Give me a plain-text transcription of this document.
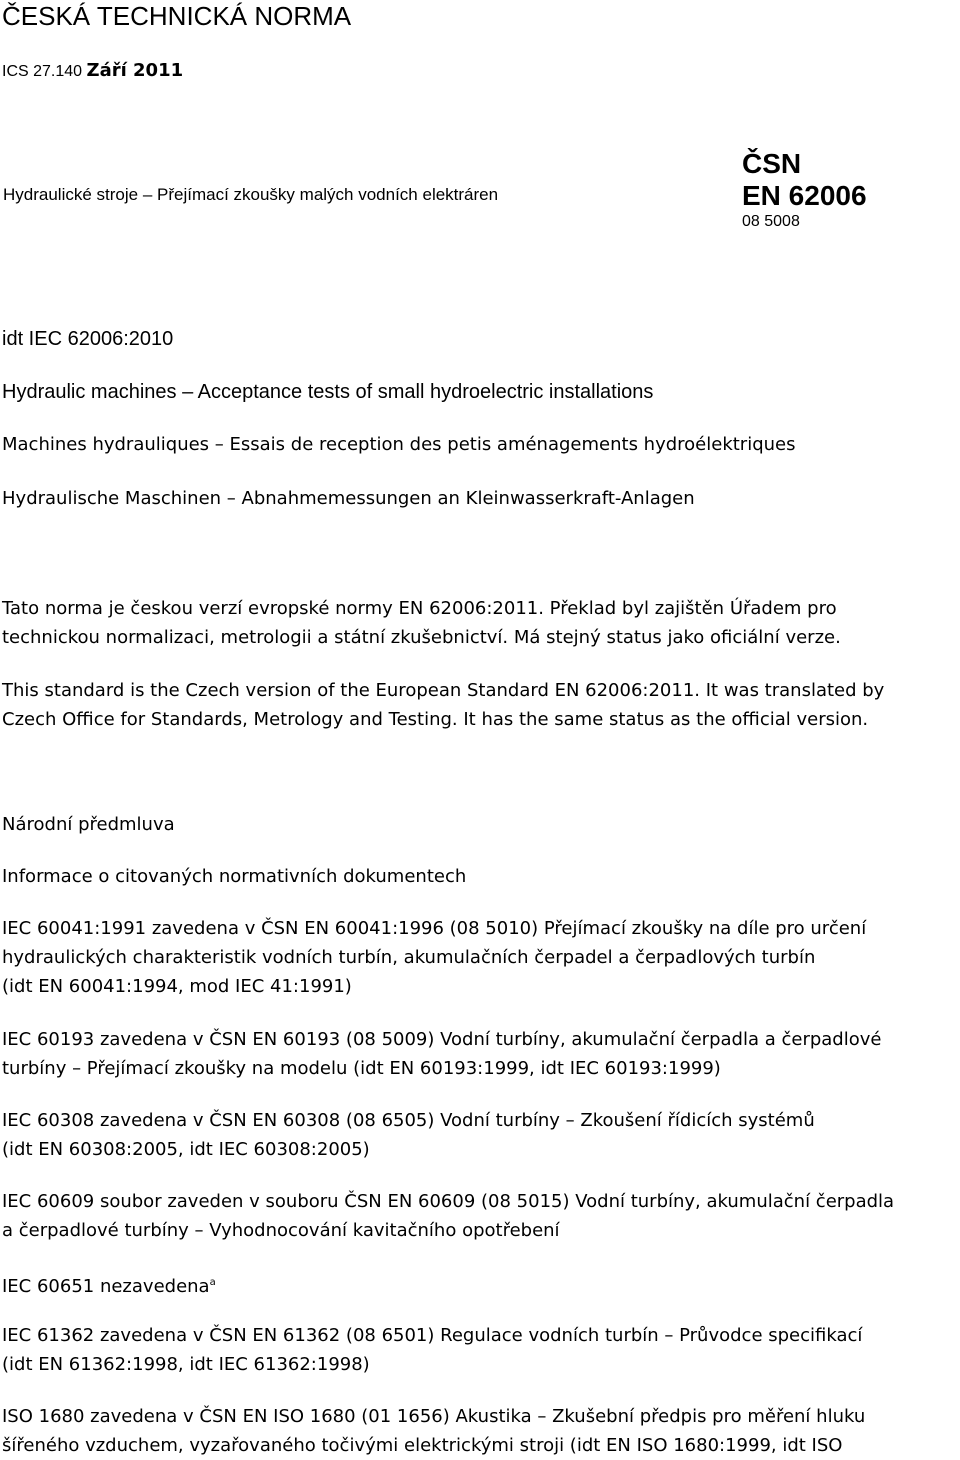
ČESKÁ TECHNICKÁ NORMA
ICS 27.140 Září 2011
Hydraulické stroje – Přejímací zkoušky malých vodních elektráren
ČSN
EN 62006
08 5008
idt IEC 62006:2010
Hydraulic machines – Acceptance tests of small hydroelectric installations
Machines hydrauliques – Essais de reception des petis aménagements hydroélektriques
Hydraulische Maschinen – Abnahmemessungen an Kleinwasserkraft-Anlagen
Tato norma je českou verzí evropské normy EN 62006:2011. Překlad byl zajištěn Úřadem pro
technickou normalizaci, metrologii a státní zkušebnictví. Má stejný status jako oficiální verze.
This standard is the Czech version of the European Standard EN 62006:2011. It was translated by
Czech Office for Standards, Metrology and Testing. It has the same status as the official version.
Národní předmluva
Informace o citovaných normativních dokumentech
IEC 60041:1991 zavedena v ČSN EN 60041:1996 (08 5010) Přejímací zkoušky na díle pro určení
hydraulických charakteristik vodních turbín, akumulačních čerpadel a čerpadlových turbín
(idt EN 60041:1994, mod IEC 41:1991)
IEC 60193 zavedena v ČSN EN 60193 (08 5009) Vodní turbíny, akumulační čerpadla a čerpadlové
turbíny – Přejímací zkoušky na modelu (idt EN 60193:1999, idt IEC 60193:1999)
IEC 60308 zavedena v ČSN EN 60308 (08 6505) Vodní turbíny – Zkoušení řídicích systémů
(idt EN 60308:2005, idt IEC 60308:2005)
IEC 60609 soubor zaveden v souboru ČSN EN 60609 (08 5015) Vodní turbíny, akumulační čerpadla
a čerpadlové turbíny – Vyhodnocování kavitačního opotřebení
IEC 60651 nezavedena$^a$
IEC 61362 zavedena v ČSN EN 61362 (08 6501) Regulace vodních turbín – Průvodce specifikací
(idt EN 61362:1998, idt IEC 61362:1998)
ISO 1680 zavedena v ČSN EN ISO 1680 (01 1656) Akustika – Zkušební předpis pro měření hluku
šířeného vzduchem, vyzařovaného točivými elektrickými stroji (idt EN ISO 1680:1999, idt ISO
